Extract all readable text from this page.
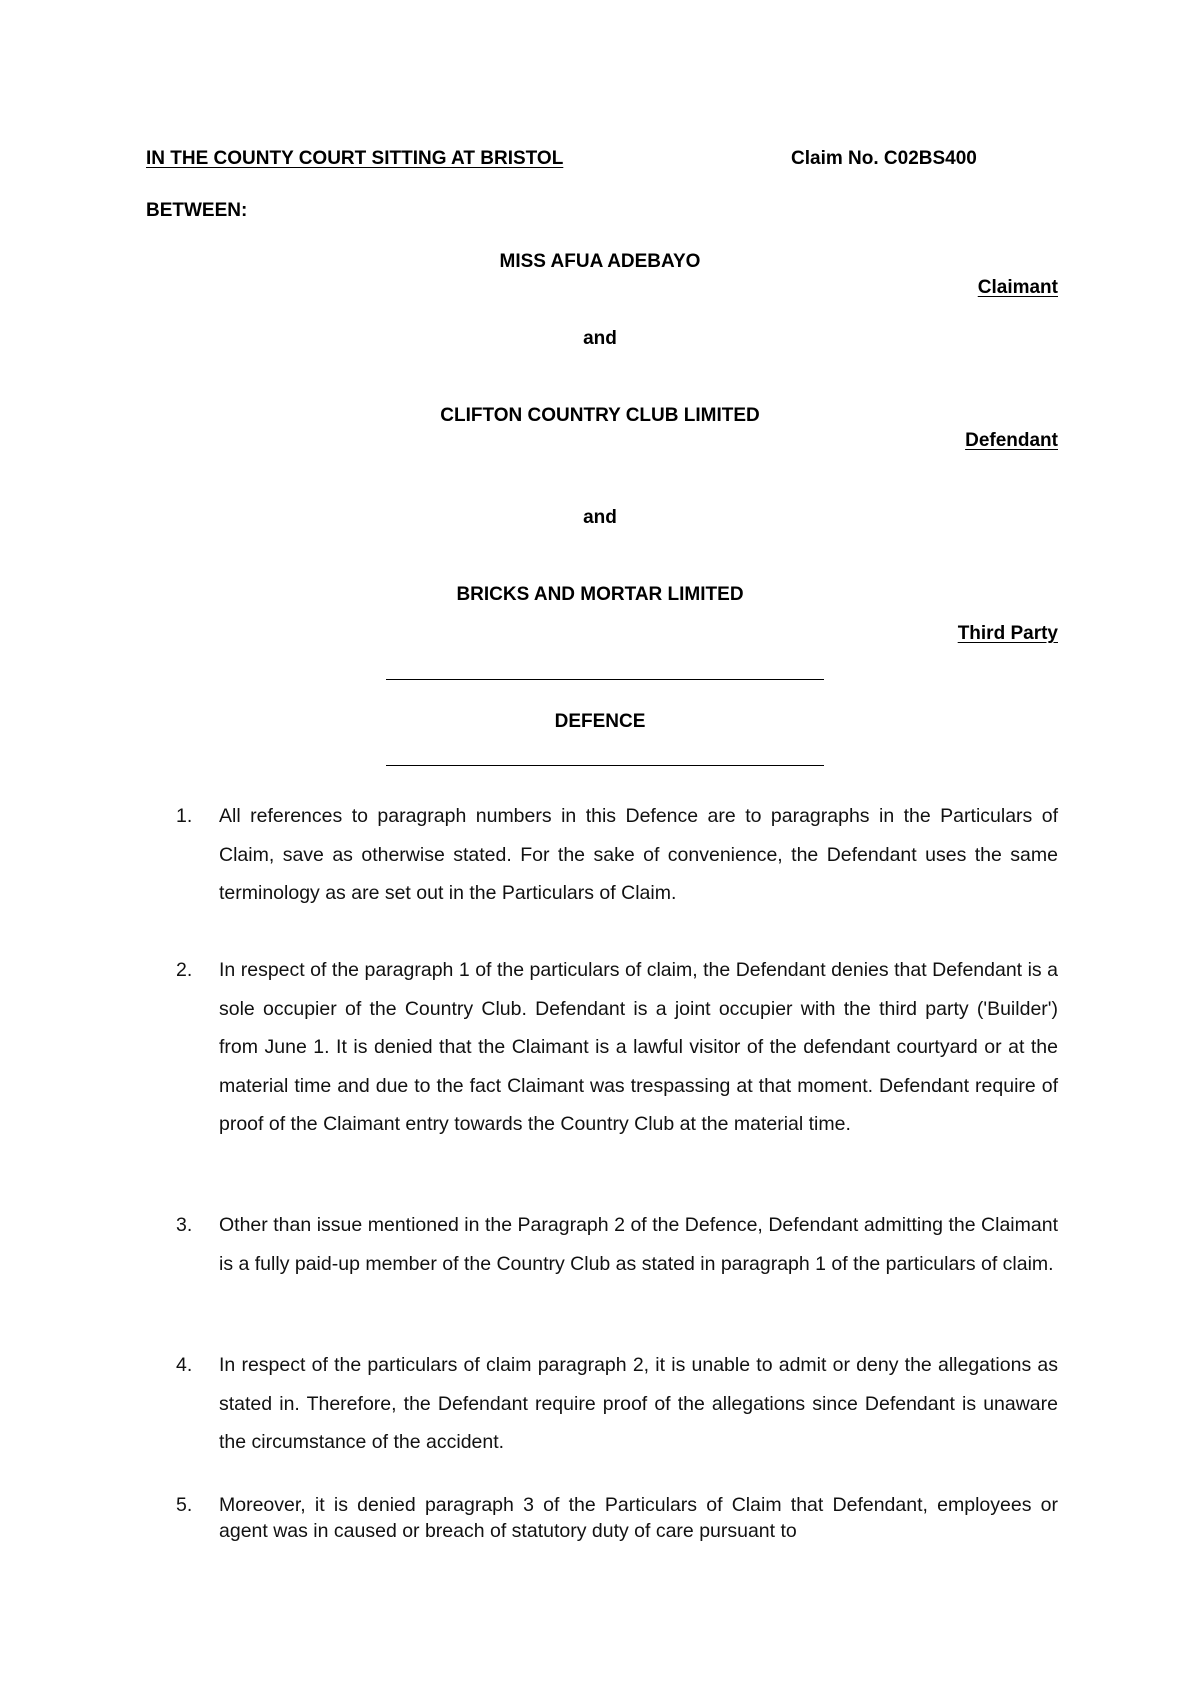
IN THE COUNTY COURT SITTING AT BRISTOL	Claim No. C02BS400
BETWEEN:
MISS AFUA ADEBAYO
Claimant
and
CLIFTON COUNTRY CLUB LIMITED
Defendant
and
BRICKS AND MORTAR LIMITED
Third Party
DEFENCE
1.	All references to paragraph numbers in this Defence are to paragraphs in the Particulars of Claim, save as otherwise stated. For the sake of convenience, the Defendant uses the same terminology as are set out in the Particulars of Claim.
2.	In respect of the paragraph 1 of the particulars of claim, the Defendant denies that Defendant is a sole occupier of the Country Club. Defendant is a joint occupier with the third party ('Builder') from June 1. It is denied that the Claimant is a lawful visitor of the defendant courtyard or at the material time and due to the fact Claimant was trespassing at that moment. Defendant require of proof of the Claimant entry towards the Country Club at the material time.
3.	Other than issue mentioned in the Paragraph 2 of the Defence, Defendant admitting the Claimant is a fully paid-up member of the Country Club as stated in paragraph 1 of the particulars of claim.
4.	In respect of the particulars of claim paragraph 2, it is unable to admit or deny the allegations as stated in. Therefore, the Defendant require proof of the allegations since Defendant is unaware the circumstance of the accident.
5.	Moreover, it is denied paragraph 3 of the Particulars of Claim that Defendant, employees or agent was in caused or breach of statutory duty of care pursuant to
